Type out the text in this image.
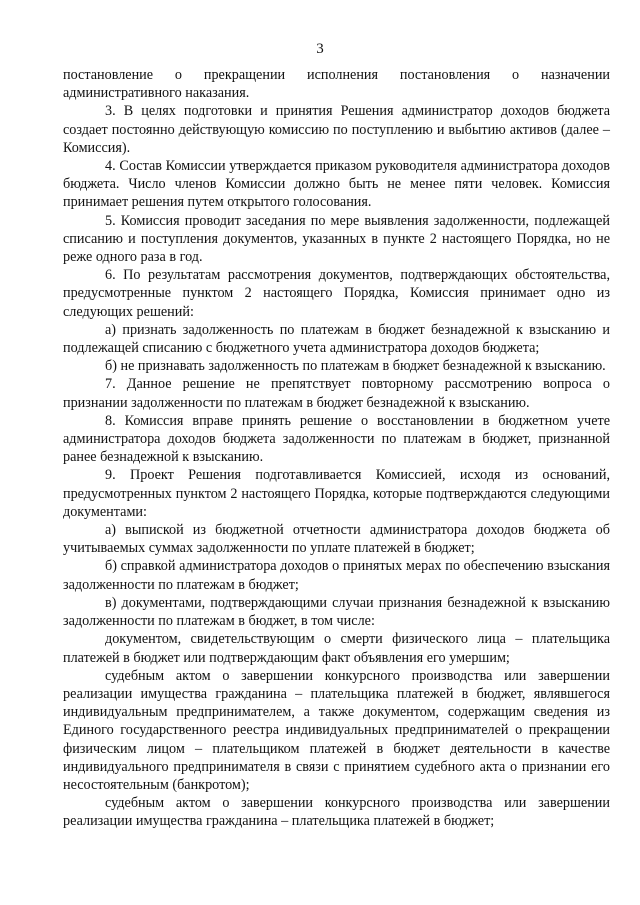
3

постановление о прекращении исполнения постановления о назначении административного наказания.

3. В целях подготовки и принятия Решения администратор доходов бюджета создает постоянно действующую комиссию по поступлению и выбытию активов (далее – Комиссия).

4. Состав Комиссии утверждается приказом руководителя администратора доходов бюджета. Число членов Комиссии должно быть не менее пяти человек. Комиссия принимает решения путем открытого голосования.

5. Комиссия проводит заседания по мере выявления задолженности, подлежащей списанию и поступления документов, указанных в пункте 2 настоящего Порядка, но не реже одного раза в год.

6. По результатам рассмотрения документов, подтверждающих обстоятельства, предусмотренные пунктом 2 настоящего Порядка, Комиссия принимает одно из следующих решений:

а) признать задолженность по платежам в бюджет безнадежной к взысканию и подлежащей списанию с бюджетного учета администратора доходов бюджета;

б) не признавать задолженность по платежам в бюджет безнадежной к взысканию.

7. Данное решение не препятствует повторному рассмотрению вопроса о признании задолженности по платежам в бюджет безнадежной к взысканию.

8. Комиссия вправе принять решение о восстановлении в бюджетном учете администратора доходов бюджета задолженности по платежам в бюджет, признанной ранее безнадежной к взысканию.

9. Проект Решения подготавливается Комиссией, исходя из оснований, предусмотренных пунктом 2 настоящего Порядка, которые подтверждаются следующими документами:

а) выпиской из бюджетной отчетности администратора доходов бюджета об учитываемых суммах задолженности по уплате платежей в бюджет;

б) справкой администратора доходов о принятых мерах по обеспечению взыскания задолженности по платежам в бюджет;

в) документами, подтверждающими случаи признания безнадежной к взысканию задолженности по платежам в бюджет, в том числе:

документом, свидетельствующим о смерти физического лица – плательщика платежей в бюджет или подтверждающим факт объявления его умершим;

судебным актом о завершении конкурсного производства или завершении реализации имущества гражданина – плательщика платежей в бюджет, являвшегося индивидуальным предпринимателем, а также документом, содержащим сведения из Единого государственного реестра индивидуальных предпринимателей о прекращении физическим лицом – плательщиком платежей в бюджет деятельности в качестве индивидуального предпринимателя в связи с принятием судебного акта о признании его несостоятельным (банкротом);

судебным актом о завершении конкурсного производства или завершении реализации имущества гражданина – плательщика платежей в бюджет;
